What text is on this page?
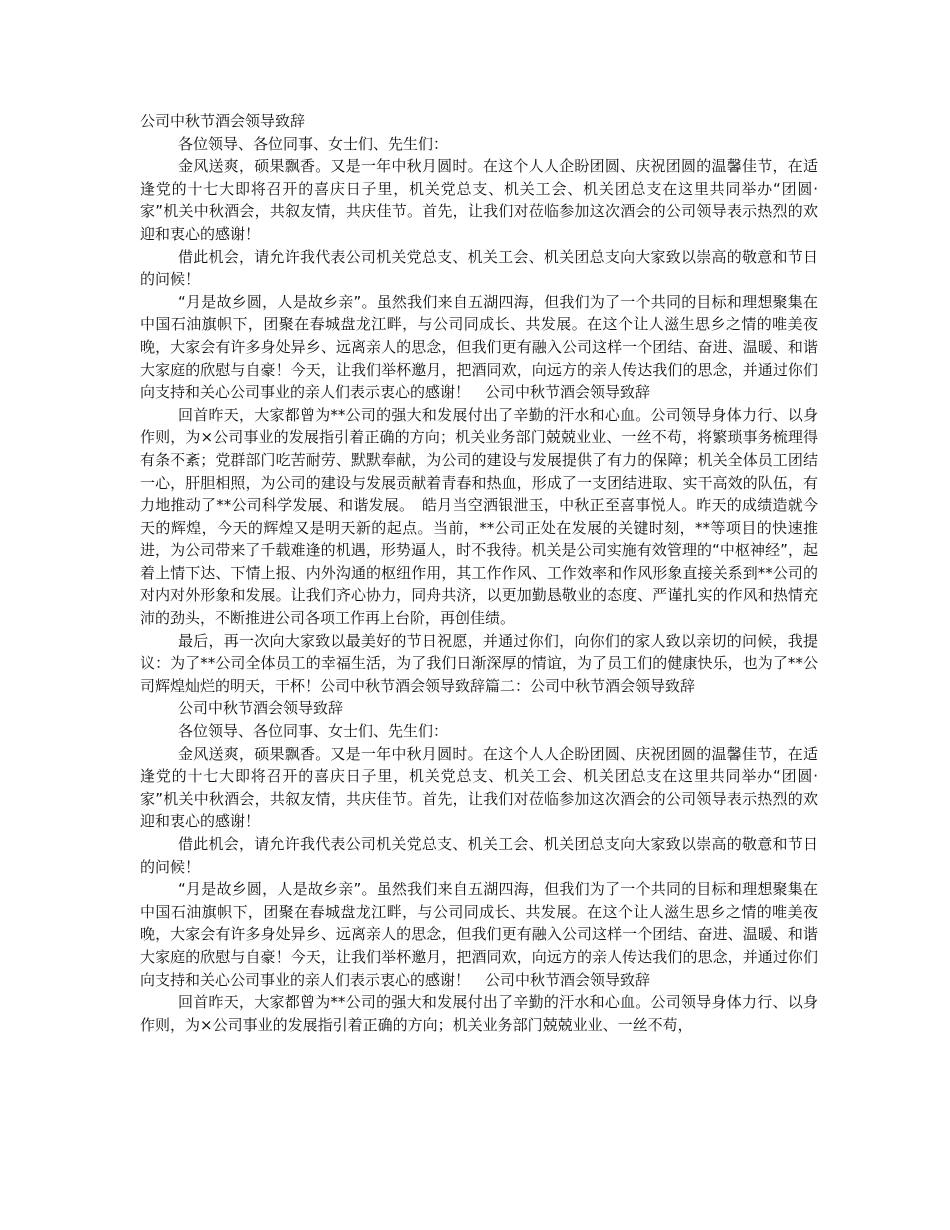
公司中秋节酒会领导致辞

各位领导、各位同事、女士们、先生们：

金风送爽，硕果飘香。又是一年中秋月圆时。在这个人人企盼团圆、庆祝团圆的温馨佳节，在适逢党的十七大即将召开的喜庆日子里，机关党总支、机关工会、机关团总支在这里共同举办“团圆·家”机关中秋酒会，共叙友情，共庆佳节。首先，让我们对莅临参加这次酒会的公司领导表示热烈的欢迎和衷心的感谢！

借此机会，请允许我代表公司机关党总支、机关工会、机关团总支向大家致以崇高的敬意和节日的问候！

“月是故乡圆，人是故乡亲”。虽然我们来自五湖四海，但我们为了一个共同的目标和理想聚集在中国石油旗帜下，团聚在春城盘龙江畔，与公司同成长、共发展。在这个让人滋生思乡之情的唯美夜晚，大家会有许多身处异乡、远离亲人的思念，但我们更有融入公司这样一个团结、奋进、温暖、和谐大家庭的欣慰与自豪！今天，让我们举杯邀月，把酒同欢，向远方的亲人传达我们的思念，并通过你们向支持和关心公司事业的亲人们表示衷心的感谢！　公司中秋节酒会领导致辞

回首昨天，大家都曾为**公司的强大和发展付出了辛勤的汗水和心血。公司领导身体力行、以身作则，为×公司事业的发展指引着正确的方向；机关业务部门兢兢业业、一丝不苟，将繁琐事务梳理得有条不紊；党群部门吃苦耐劳、默默奉献，为公司的建设与发展提供了有力的保障；机关全体员工团结一心，肝胆相照，为公司的建设与发展贡献着青春和热血，形成了一支团结进取、实干高效的队伍，有力地推动了**公司科学发展、和谐发展。　皓月当空洒银泄玉，中秋正至喜事悦人。昨天的成绩造就今天的辉煌，今天的辉煌又是明天新的起点。当前，**公司正处在发展的关键时刻，**等项目的快速推进，为公司带来了千载难逢的机遇，形势逼人，时不我待。机关是公司实施有效管理的“中枢神经”，起着上情下达、下情上报、内外沟通的枢纽作用，其工作作风、工作效率和作风形象直接关系到**公司的对内对外形象和发展。让我们齐心协力，同舟共济，以更加勤恳敬业的态度、严谨扎实的作风和热情充沛的劲头，不断推进公司各项工作再上台阶，再创佳绩。

最后，再一次向大家致以最美好的节日祝愿，并通过你们，向你们的家人致以亲切的问候，我提议：为了**公司全体员工的幸福生活，为了我们日渐深厚的情谊，为了员工们的健康快乐，也为了**公司辉煌灿烂的明天，干杯！公司中秋节酒会领导致辞篇二：公司中秋节酒会领导致辞

公司中秋节酒会领导致辞

各位领导、各位同事、女士们、先生们：

金风送爽，硕果飘香。又是一年中秋月圆时。在这个人人企盼团圆、庆祝团圆的温馨佳节，在适逢党的十七大即将召开的喜庆日子里，机关党总支、机关工会、机关团总支在这里共同举办“团圆·家”机关中秋酒会，共叙友情，共庆佳节。首先，让我们对莅临参加这次酒会的公司领导表示热烈的欢迎和衷心的感谢！

借此机会，请允许我代表公司机关党总支、机关工会、机关团总支向大家致以崇高的敬意和节日的问候！

“月是故乡圆，人是故乡亲”。虽然我们来自五湖四海，但我们为了一个共同的目标和理想聚集在中国石油旗帜下，团聚在春城盘龙江畔，与公司同成长、共发展。在这个让人滋生思乡之情的唯美夜晚，大家会有许多身处异乡、远离亲人的思念，但我们更有融入公司这样一个团结、奋进、温暖、和谐大家庭的欣慰与自豪！今天，让我们举杯邀月，把酒同欢，向远方的亲人传达我们的思念，并通过你们向支持和关心公司事业的亲人们表示衷心的感谢！　公司中秋节酒会领导致辞

回首昨天，大家都曾为**公司的强大和发展付出了辛勤的汗水和心血。公司领导身体力行、以身作则，为×公司事业的发展指引着正确的方向；机关业务部门兢兢业业、一丝不苟，
